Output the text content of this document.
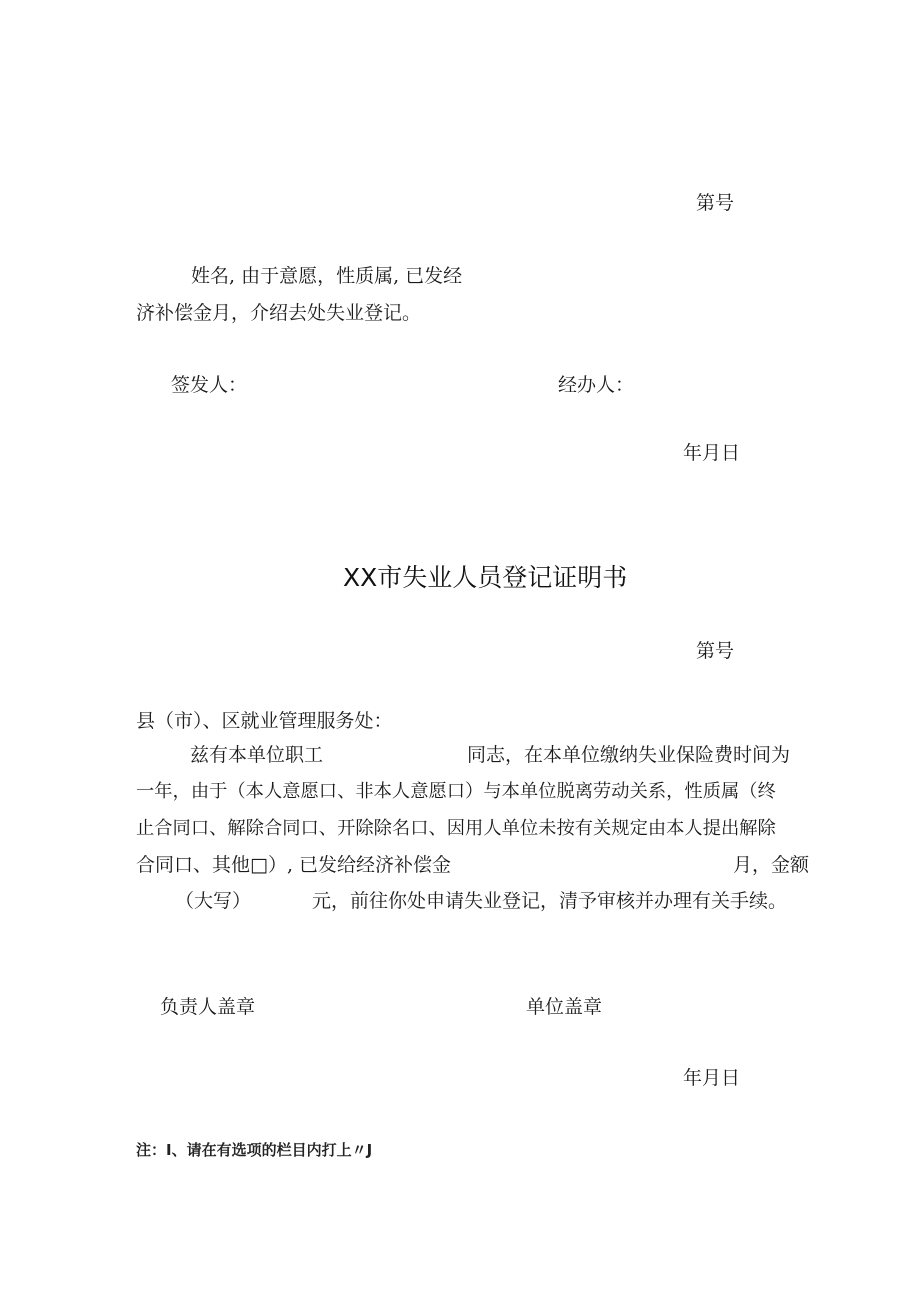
第号
姓名, 由于意愿，性质属, 已发经
济补偿金月，介绍去处失业登记。
签发人：	经办人：
年月日
XX市失业人员登记证明书
第号
县（市）、区就业管理服务处：
兹有本单位职工	同志，在本单位缴纳失业保险费时间为
一年，由于（本人意愿口、非本人意愿口）与本单位脱离劳动关系，性质属（终
止合同口、解除合同口、开除除名口、因用人单位未按有关规定由本人提出解除
合同口、其他□）, 已发给经济补偿金	月，金额
（大写）	元，前往你处申请失业登记，清予审核并办理有关手续。
负责人盖章	单位盖章
年月日
注：I、请在有选项的栏目内打上〃J
